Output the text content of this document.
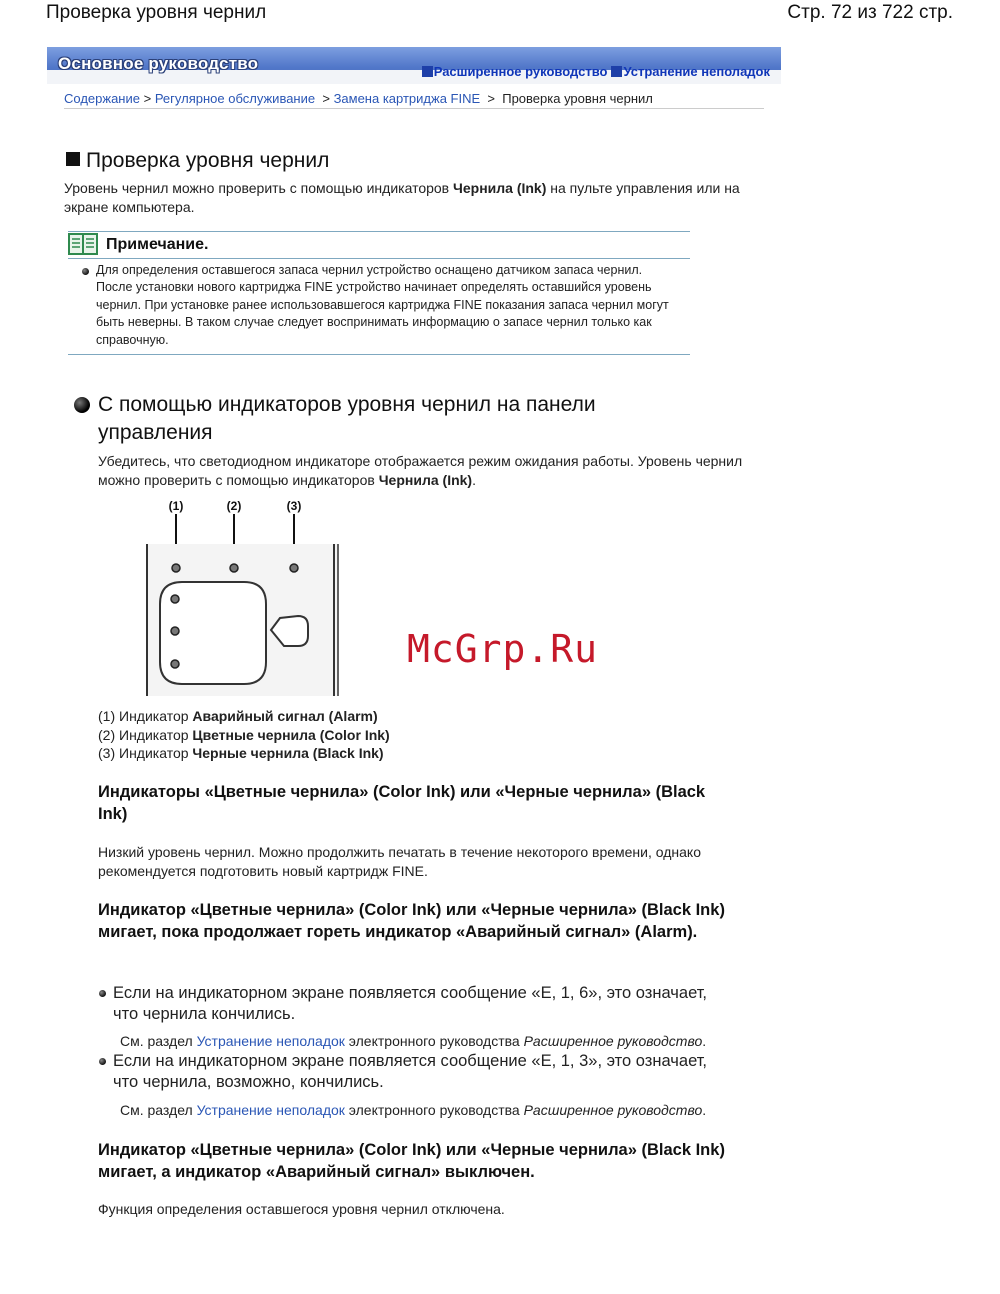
Проверка уровня чернил	Стр. 72 из 722 стр.
Основное руководство	Расширенное руководство Устранение неполадок
Содержание > Регулярное обслуживание > Замена картриджа FINE > Проверка уровня чернил
Проверка уровня чернил
Уровень чернил можно проверить с помощью индикаторов Чернила (Ink) на пульте управления или на экране компьютера.
Примечание.
Для определения оставшегося запаса чернил устройство оснащено датчиком запаса чернил. После установки нового картриджа FINE устройство начинает определять оставшийся уровень чернил. При установке ранее использовавшегося картриджа FINE показания запаса чернил могут быть неверны. В таком случае следует воспринимать информацию о запасе чернил только как справочную.
С помощью индикаторов уровня чернил на панели управления
Убедитесь, что светодиодном индикаторе отображается режим ожидания работы. Уровень чернил можно проверить с помощью индикаторов Чернила (Ink).
(1)	(2)	(3)
McGrp.Ru
(1) Индикатор Аварийный сигнал (Alarm)
(2) Индикатор Цветные чернила (Color Ink)
(3) Индикатор Черные чернила (Black Ink)
Индикаторы «Цветные чернила» (Color Ink) или «Черные чернила» (Black Ink)
Низкий уровень чернил. Можно продолжить печатать в течение некоторого времени, однако рекомендуется подготовить новый картридж FINE.
Индикатор «Цветные чернила» (Color Ink) или «Черные чернила» (Black Ink) мигает, пока продолжает гореть индикатор «Аварийный сигнал» (Alarm).
Если на индикаторном экране появляется сообщение «E, 1, 6», это означает, что чернила кончились.
См. раздел Устранение неполадок электронного руководства Расширенное руководство.
Если на индикаторном экране появляется сообщение «E, 1, 3», это означает, что чернила, возможно, кончились.
См. раздел Устранение неполадок электронного руководства Расширенное руководство.
Индикатор «Цветные чернила» (Color Ink) или «Черные чернила» (Black Ink) мигает, а индикатор «Аварийный сигнал» выключен.
Функция определения оставшегося уровня чернил отключена.
